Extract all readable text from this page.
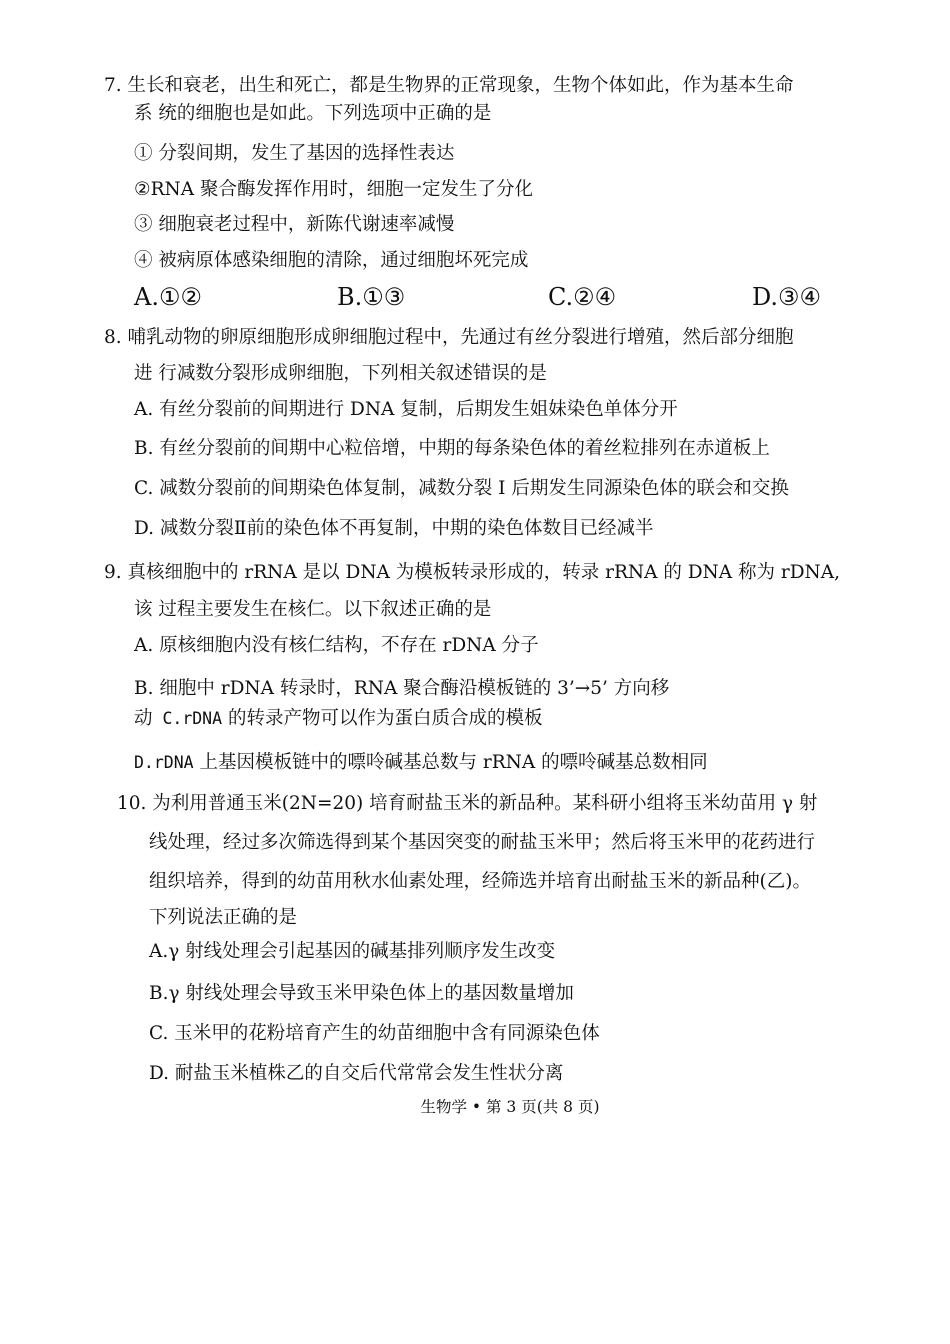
7. 生长和衰老，出生和死亡，都是生物界的正常现象，生物个体如此，作为基本生命
系 统的细胞也是如此。下列选项中正确的是
① 分裂间期，发生了基因的选择性表达
②RNA 聚合酶发挥作用时，细胞一定发生了分化
③ 细胞衰老过程中，新陈代谢速率减慢
④ 被病原体感染细胞的清除，通过细胞坏死完成
A.①②	B.①③	C.②④	D.③④
8. 哺乳动物的卵原细胞形成卵细胞过程中，先通过有丝分裂进行增殖，然后部分细胞
进 行减数分裂形成卵细胞，下列相关叙述错误的是
A. 有丝分裂前的间期进行 DNA 复制，后期发生姐妹染色单体分开
B. 有丝分裂前的间期中心粒倍增，中期的每条染色体的着丝粒排列在赤道板上
C. 减数分裂前的间期染色体复制，减数分裂 I 后期发生同源染色体的联会和交换
D. 减数分裂Ⅱ前的染色体不再复制，中期的染色体数目已经减半
9. 真核细胞中的 rRNA 是以 DNA 为模板转录形成的，转录 rRNA 的 DNA 称为 rDNA,
该 过程主要发生在核仁。以下叙述正确的是
A. 原核细胞内没有核仁结构，不存在 rDNA 分子
B. 细胞中 rDNA 转录时，RNA 聚合酶沿模板链的 3’→5’ 方向移
动 C.rDNA 的转录产物可以作为蛋白质合成的模板
D.rDNA 上基因模板链中的嘌呤碱基总数与 rRNA 的嘌呤碱基总数相同
10. 为利用普通玉米(2N=20) 培育耐盐玉米的新品种。某科研小组将玉米幼苗用 γ 射
线处理，经过多次筛选得到某个基因突变的耐盐玉米甲；然后将玉米甲的花药进行
组织培养，得到的幼苗用秋水仙素处理，经筛选并培育出耐盐玉米的新品种(乙)。
下列说法正确的是
A.γ 射线处理会引起基因的碱基排列顺序发生改变
B.γ 射线处理会导致玉米甲染色体上的基因数量增加
C. 玉米甲的花粉培育产生的幼苗细胞中含有同源染色体
D. 耐盐玉米植株乙的自交后代常常会发生性状分离
生物学 • 第 3 页(共 8 页)
